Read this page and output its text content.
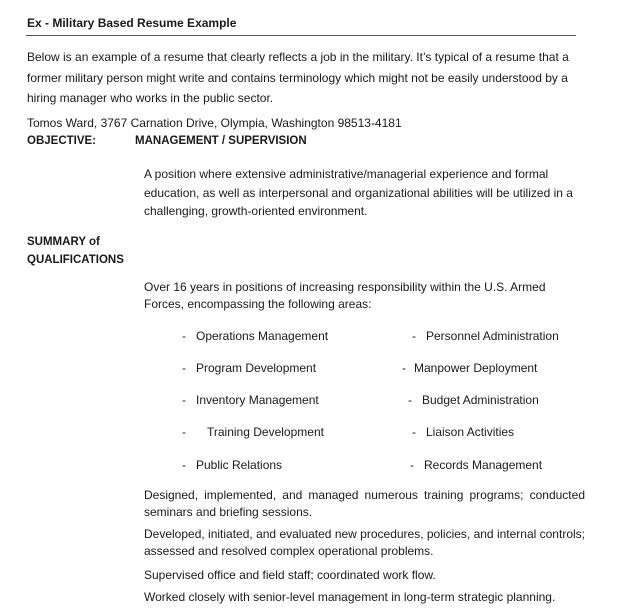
Ex - Military Based Resume Example
Below is an example of a resume that clearly reflects a job in the military. It’s typical of a resume that a former military person might write and contains terminology which might not be easily understood by a hiring manager who works in the public sector.
Tomos Ward, 3767 Carnation Drive, Olympia, Washington 98513-4181
OBJECTIVE:	MANAGEMENT / SUPERVISION
A position where extensive administrative/managerial experience and formal education, as well as interpersonal and organizational abilities will be utilized in a challenging, growth-oriented environment.
SUMMARY of QUALIFICATIONS
Over 16 years in positions of increasing responsibility within the U.S. Armed Forces, encompassing the following areas:
- Operations Management
- Program Development
- Inventory Management
- Training Development
- Public Relations
- Personnel Administration
- Manpower Deployment
- Budget Administration
- Liaison Activities
- Records Management
Designed, implemented, and managed numerous training programs; conducted seminars and briefing sessions.
Developed, initiated, and evaluated new procedures, policies, and internal controls; assessed and resolved complex operational problems.
Supervised office and field staff; coordinated work flow.
Worked closely with senior-level management in long-term strategic planning.
